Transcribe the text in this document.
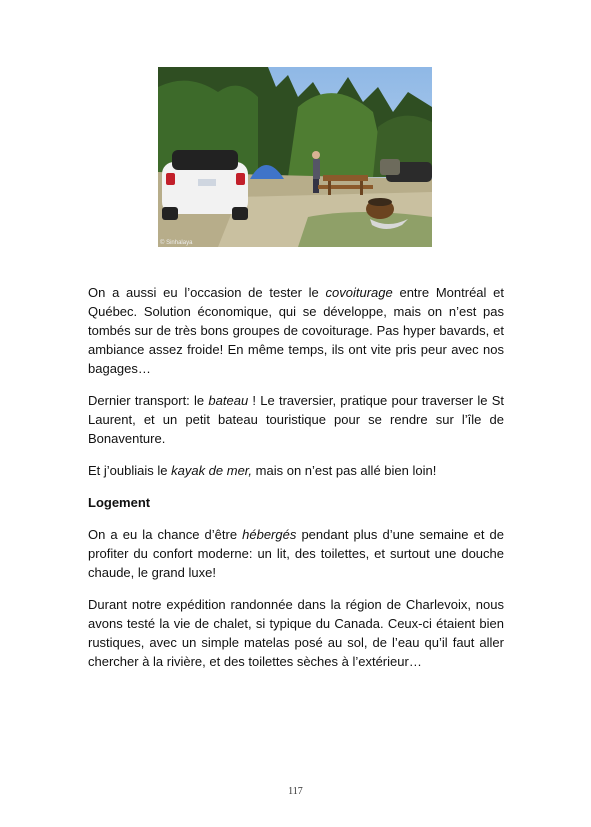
© Sinhalaya

On a aussi eu l’occasion de tester le covoiturage entre Montréal et Québec. Solution économique, qui se développe, mais on n’est pas tombés sur de très bons groupes de covoiturage. Pas hyper bavards, et ambiance assez froide! En même temps, ils ont vite pris peur avec nos bagages…

Dernier transport: le bateau ! Le traversier, pratique pour traverser le St Laurent, et un petit bateau touristique pour se rendre sur l’île de Bonaventure.

Et j’oubliais le kayak de mer, mais on n’est pas allé bien loin!

Logement

On a eu la chance d’être hébergés pendant plus d’une semaine et de profiter du confort moderne: un lit, des toilettes, et surtout une douche chaude, le grand luxe!

Durant notre expédition randonnée dans la région de Charlevoix, nous avons testé la vie de chalet, si typique du Canada. Ceux-ci étaient bien rustiques, avec un simple matelas posé au sol, de l’eau qu’il faut aller chercher à la rivière, et des toilettes sèches à l’extérieur…

117
